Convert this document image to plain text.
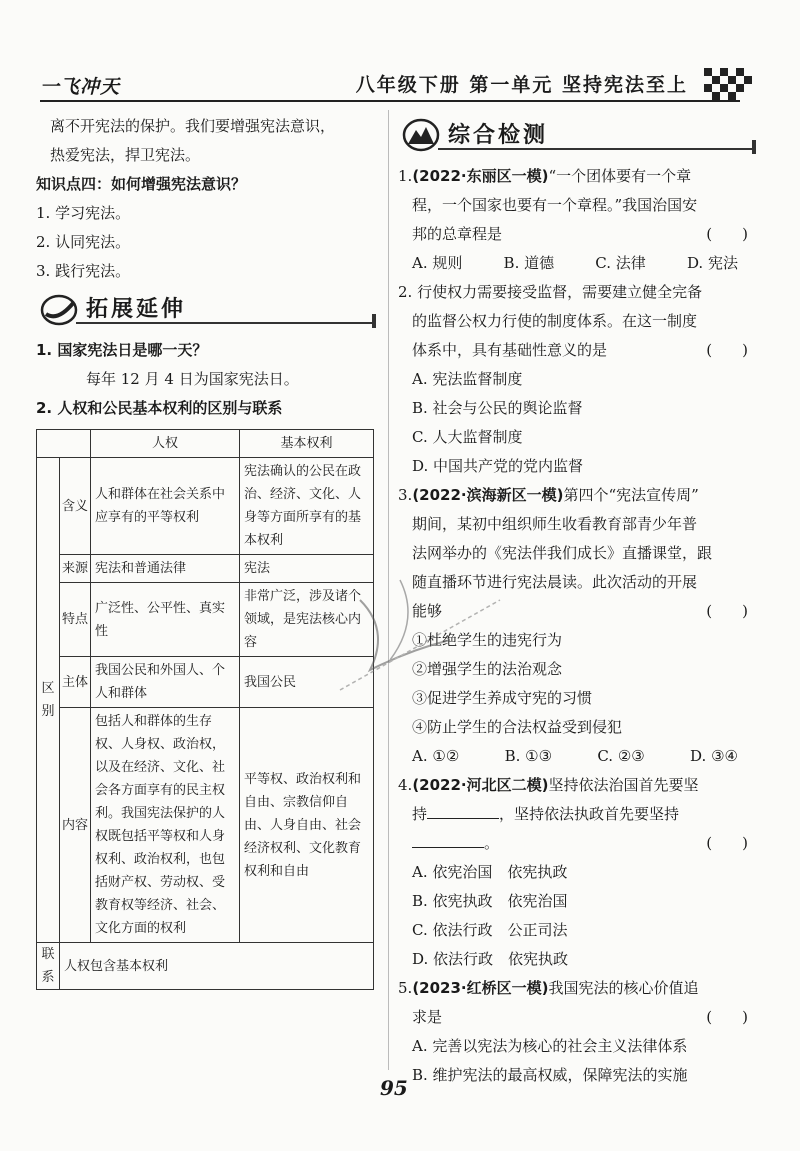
一飞冲天	八年级下册 第一单元 坚持宪法至上
离不开宪法的保护。我们要增强宪法意识，
热爱宪法，捍卫宪法。
知识点四：如何增强宪法意识？
1. 学习宪法。
2. 认同宪法。
3. 践行宪法。
拓展延伸
1. 国家宪法日是哪一天？
每年 12 月 4 日为国家宪法日。
2. 人权和公民基本权利的区别与联系
		人权	基本权利
区别	含义	人和群体在社会关系中应享有的平等权利	宪法确认的公民在政治、经济、文化、人身等方面所享有的基本权利
	来源	宪法和普通法律	宪法
	特点	广泛性、公平性、真实性	非常广泛，涉及诸个领域，是宪法核心内容
	主体	我国公民和外国人、个人和群体	我国公民
	内容	包括人和群体的生存权、人身权、政治权，以及在经济、文化、社会各方面享有的民主权利。我国宪法保护的人权既包括平等权和人身权利、政治权利，也包括财产权、劳动权、受教育权等经济、社会、文化方面的权利	平等权、政治权利和自由、宗教信仰自由、人身自由、社会经济权利、文化教育权利和自由
联系	人权包含基本权利		
综合检测
1.(2022·东丽区一模)“一个团体要有一个章
程，一个国家也要有一个章程。”我国治国安
邦的总章程是	(　　)
A. 规则	B. 道德	C. 法律	D. 宪法
2. 行使权力需要接受监督，需要建立健全完备
的监督公权力行使的制度体系。在这一制度
体系中，具有基础性意义的是	(　　)
A. 宪法监督制度
B. 社会与公民的舆论监督
C. 人大监督制度
D. 中国共产党的党内监督
3.(2022·滨海新区一模)第四个“宪法宣传周”
期间，某初中组织师生收看教育部青少年普
法网举办的《宪法伴我们成长》直播课堂，跟
随直播环节进行宪法晨读。此次活动的开展
能够	(　　)
①杜绝学生的违宪行为
②增强学生的法治观念
③促进学生养成守宪的习惯
④防止学生的合法权益受到侵犯
A. ①②	B. ①③	C. ②③	D. ③④
4.(2022·河北区二模)坚持依法治国首先要坚
持	，坚持依法执政首先要坚持
。	(　　)
A. 依宪治国　依宪执政
B. 依宪执政　依宪治国
C. 依法行政　公正司法
D. 依法行政　依宪执政
5.(2023·红桥区一模)我国宪法的核心价值追
求是	(　　)
A. 完善以宪法为核心的社会主义法律体系
B. 维护宪法的最高权威，保障宪法的实施
95
